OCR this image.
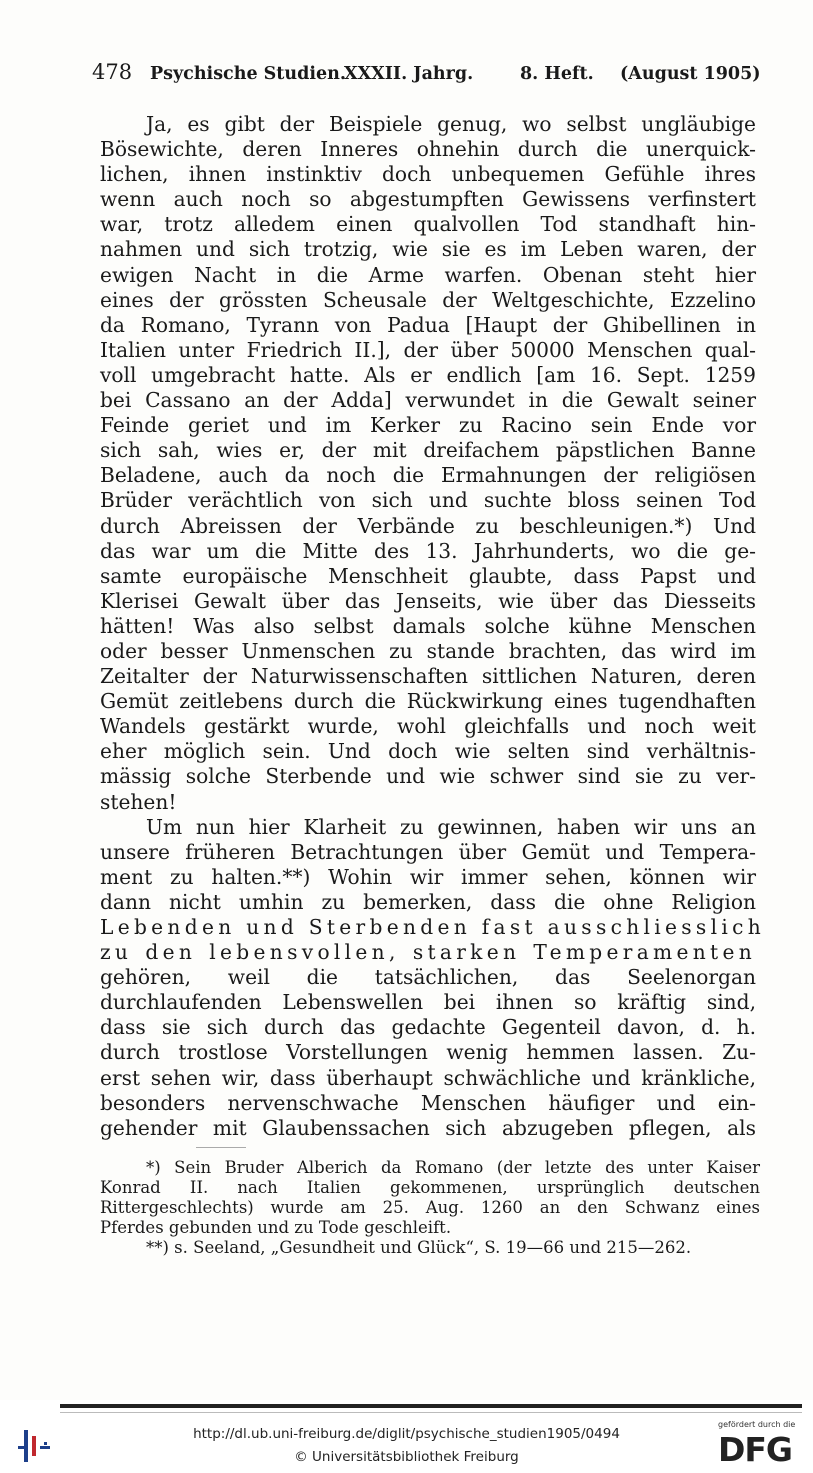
478 Psychische Studien.
XXXII. Jahrg.	8. Heft. (August 1905)
Ja, es gibt der Beispiele genug, wo selbst ungläubige
Bösewichte, deren Inneres ohnehin durch die unerquick-
lichen, ihnen instinktiv doch unbequemen Gefühle ihres
wenn auch noch so abgestumpften Gewissens verfinstert
war, trotz alledem einen qualvollen Tod standhaft hin-
nahmen und sich trotzig, wie sie es im Leben waren, der
ewigen Nacht in die Arme warfen. Obenan steht hier
eines der grössten Scheusale der Weltgeschichte, Ezzelino
da Romano, Tyrann von Padua [Haupt der Ghibellinen in
Italien unter Friedrich II.], der über 50000 Menschen qual-
voll umgebracht hatte. Als er endlich [am 16. Sept. 1259
bei Cassano an der Adda] verwundet in die Gewalt seiner
Feinde geriet und im Kerker zu Racino sein Ende vor
sich sah, wies er, der mit dreifachem päpstlichen Banne
Beladene, auch da noch die Ermahnungen der religiösen
Brüder verächtlich von sich und suchte bloss seinen Tod
durch Abreissen der Verbände zu beschleunigen.*) Und
das war um die Mitte des 13. Jahrhunderts, wo die ge-
samte europäische Menschheit glaubte, dass Papst und
Klerisei Gewalt über das Jenseits, wie über das Diesseits
hätten! Was also selbst damals solche kühne Menschen
oder besser Unmenschen zu stande brachten, das wird im
Zeitalter der Naturwissenschaften sittlichen Naturen, deren
Gemüt zeitlebens durch die Rückwirkung eines tugendhaften
Wandels gestärkt wurde, wohl gleichfalls und noch weit
eher möglich sein. Und doch wie selten sind verhältnis-
mässig solche Sterbende und wie schwer sind sie zu ver-
stehen!
Um nun hier Klarheit zu gewinnen, haben wir uns an
unsere früheren Betrachtungen über Gemüt und Tempera-
ment zu halten.**) Wohin wir immer sehen, können wir
dann nicht umhin zu bemerken, dass die ohne Religion
Lebenden und Sterbenden fast ausschliesslich
zu den lebensvollen, starken Temperamenten
gehören, weil die tatsächlichen, das Seelenorgan
durchlaufenden Lebenswellen bei ihnen so kräftig sind,
dass sie sich durch das gedachte Gegenteil davon, d. h.
durch trostlose Vorstellungen wenig hemmen lassen. Zu-
erst sehen wir, dass überhaupt schwächliche und kränkliche,
besonders nervenschwache Menschen häufiger und ein-
gehender mit Glaubenssachen sich abzugeben pflegen, als
*) Sein Bruder Alberich da Romano (der letzte des unter Kaiser
Konrad II. nach Italien gekommenen, ursprünglich deutschen
Rittergeschlechts) wurde am 25. Aug. 1260 an den Schwanz eines
Pferdes gebunden und zu Tode geschleift.
**) s. Seeland, „Gesundheit und Glück“, S. 19—66 und 215—262.
http://dl.ub.uni-freiburg.de/diglit/psychische_studien1905/0494
© Universitätsbibliothek Freiburg
gefördert durch die
DFG
